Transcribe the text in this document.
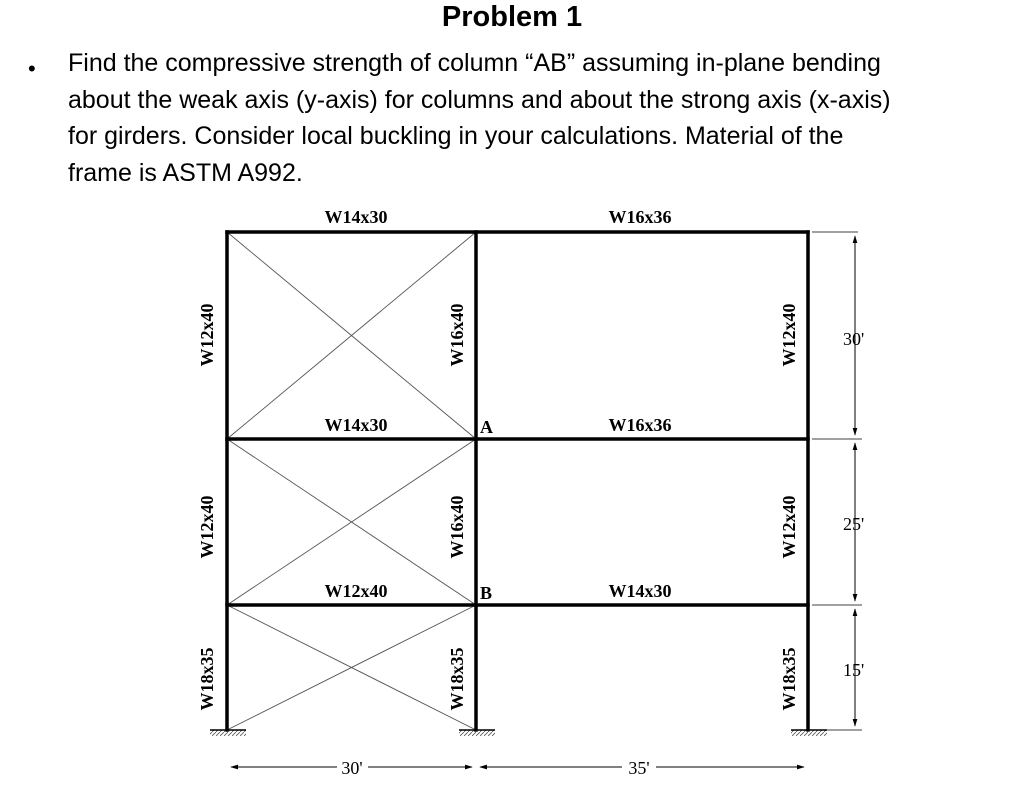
Problem 1
• Find the compressive strength of column “AB” assuming in-plane bending
about the weak axis (y-axis) for columns and about the strong axis (x-axis)
for girders. Consider local buckling in your calculations. Material of the
frame is ASTM A992.
W14x30	W16x36
W14x30	W16x36
W12x40	W14x30
W12x40
W12x40
W18x35
W16x40
W16x40
W18x35
W12x40
W12x40
W18x35
A
B
30'
25'
15'
30'	35'
